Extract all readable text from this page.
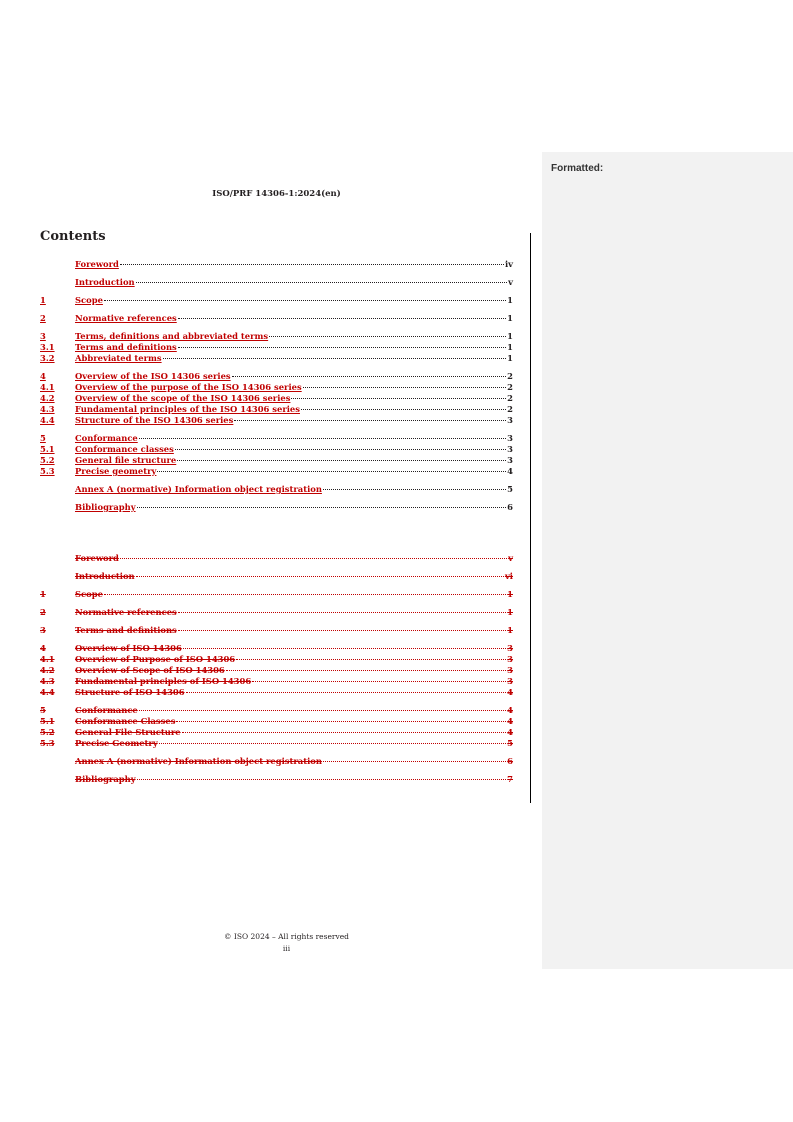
Formatted:
ISO/PRF 14306-1:2024(en)
Contents
Foreword	iv
Introduction	v
1	Scope	1
2	Normative references	1
3	Terms, definitions and abbreviated terms	1
3.1	Terms and definitions	1
3.2	Abbreviated terms	1
4	Overview of the ISO 14306 series	2
4.1	Overview of the purpose of the ISO 14306 series	2
4.2	Overview of the scope of the ISO 14306 series	2
4.3	Fundamental principles of the ISO 14306 series	2
4.4	Structure of the ISO 14306 series	3
5	Conformance	3
5.1	Conformance classes	3
5.2	General file structure	3
5.3	Precise geometry	4
Annex A (normative) Information object registration	5
Bibliography	6
Foreword	v
Introduction	vi
1	Scope	1
2	Normative references	1
3	Terms and definitions	1
4	Overview of ISO 14306	3
4.1	Overview of Purpose of ISO 14306	3
4.2	Overview of Scope of ISO 14306	3
4.3	Fundamental principles of ISO 14306	3
4.4	Structure of ISO 14306	4
5	Conformance	4
5.1	Conformance Classes	4
5.2	General File Structure	4
5.3	Precise Geometry	5
Annex A (normative) Information object registration	6
Bibliography	7
© ISO 2024 – All rights reserved
iii
